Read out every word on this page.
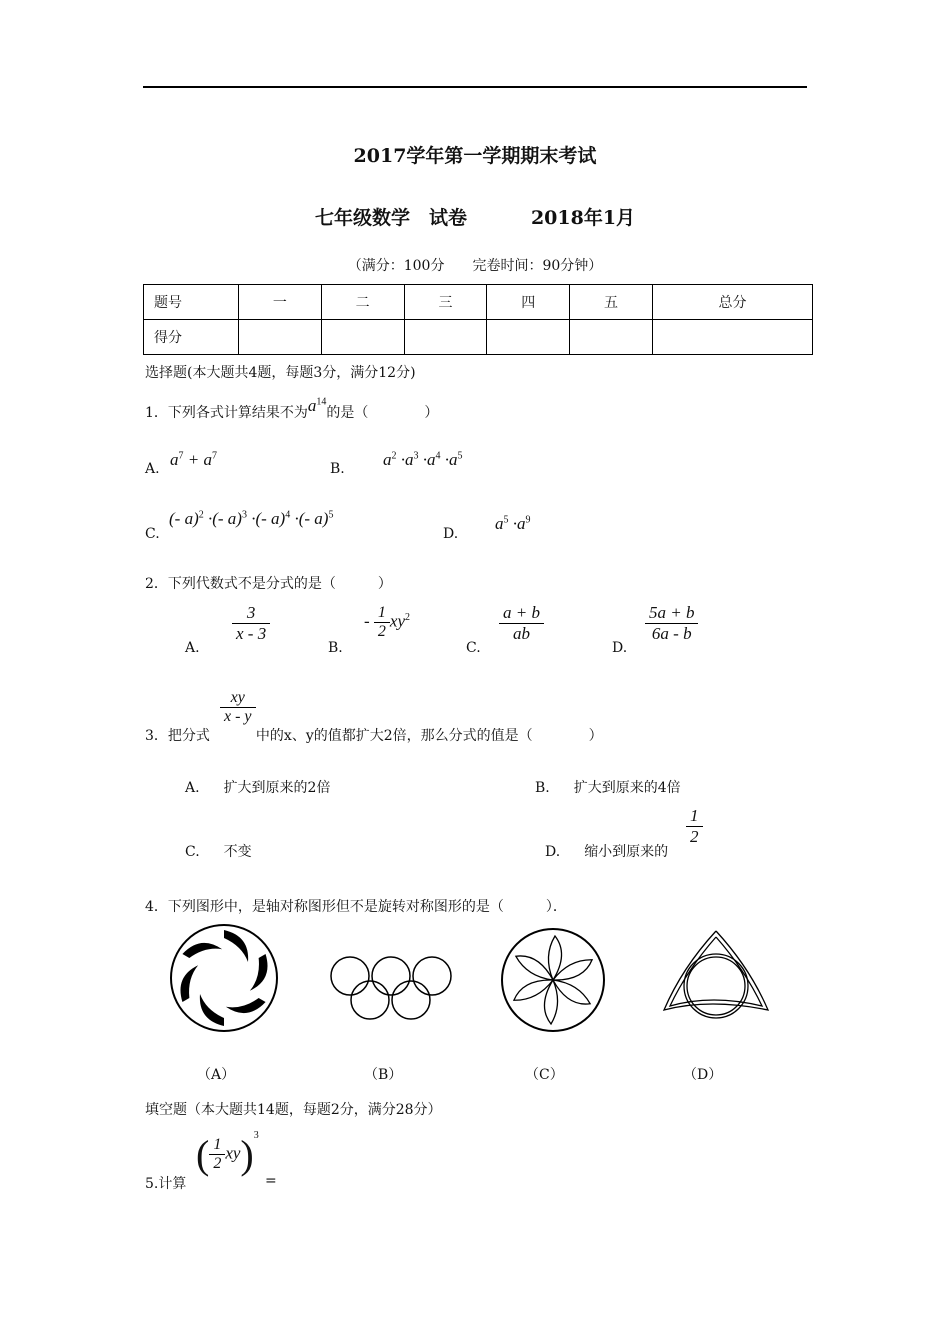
2017学年第一学期期末考试
七年级数学　试卷	2018年1月
（满分：100分　　完卷时间：90分钟）
题号	一	二	三	四	五	总分
得分						
选择题(本大题共4题，每题3分，满分12分)
1．下列各式计算结果不为$a^{14}$的是（　　　　）
A. $a^7 + a^7$
B. $a^2 \cdot a^3 \cdot a^4 \cdot a^5$
C.
(- a)$^2$ ·(- a)$^3$ ·(- a)$^4$ ·(- a)$^5$
D.
$a^5 \cdot a^9$
2．下列代数式不是分式的是（　　　）
A.
$\frac{3}{x - 3}$
B.
- $\frac{1}{2} xy^2$
C.
$\frac{a + b}{ab}$
D.
$\frac{5a + b}{6a - b}$
$\frac{xy}{x - y}$
3．把分式	中的x、y的值都扩大2倍，那么分式的值是（　　　　）
A. 扩大到原来的2倍	B. 扩大到原来的4倍
C. 不变	D. 缩小到原来的
$\frac{1}{2}$
4．下列图形中，是轴对称图形但不是旋转对称图形的是（　　　）．
（A）	（B）	（C）	（D）
填空题（本大题共14题，每题2分，满分28分）
5.计算
( $\frac{1}{2} xy)^3$
=
